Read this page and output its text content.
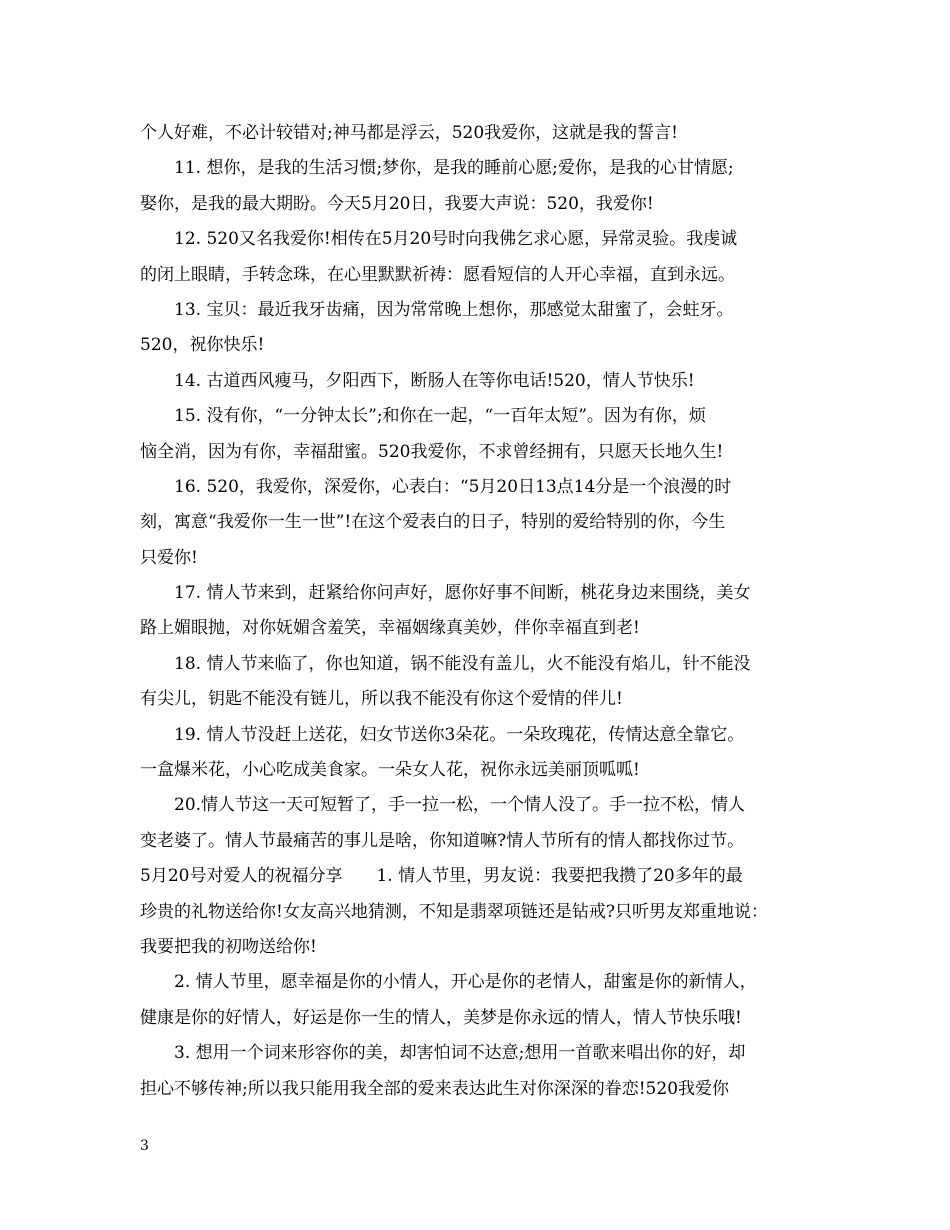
个人好难，不必计较错对;神马都是浮云，520我爱你，这就是我的誓言!
11. 想你，是我的生活习惯;梦你，是我的睡前心愿;爱你，是我的心甘情愿;
娶你，是我的最大期盼。今天5月20日，我要大声说：520，我爱你!
12. 520又名我爱你!相传在5月20号时向我佛乞求心愿，异常灵验。我虔诚
的闭上眼睛，手转念珠，在心里默默祈祷：愿看短信的人开心幸福，直到永远。
13. 宝贝：最近我牙齿痛，因为常常晚上想你，那感觉太甜蜜了，会蛀牙。
520，祝你快乐!
14. 古道西风瘦马，夕阳西下，断肠人在等你电话!520，情人节快乐!
15. 没有你，“一分钟太长”;和你在一起，“一百年太短”。因为有你，烦
恼全消，因为有你，幸福甜蜜。520我爱你，不求曾经拥有，只愿天长地久生!
16. 520，我爱你，深爱你，心表白：“5月20日13点14分是一个浪漫的时
刻，寓意“我爱你一生一世”!在这个爱表白的日子，特别的爱给特别的你，今生
只爱你!
17. 情人节来到，赶紧给你问声好，愿你好事不间断，桃花身边来围绕，美女
路上媚眼抛，对你妩媚含羞笑，幸福姻缘真美妙，伴你幸福直到老!
18. 情人节来临了，你也知道，锅不能没有盖儿，火不能没有焰儿，针不能没
有尖儿，钥匙不能没有链儿，所以我不能没有你这个爱情的伴儿!
19. 情人节没赶上送花，妇女节送你3朵花。一朵玫瑰花，传情达意全靠它。
一盒爆米花，小心吃成美食家。一朵女人花，祝你永远美丽顶呱呱!
20.情人节这一天可短暂了，手一拉一松，一个情人没了。手一拉不松，情人
变老婆了。情人节最痛苦的事儿是啥，你知道嘛?情人节所有的情人都找你过节。
5月20号对爱人的祝福分享 1. 情人节里，男友说：我要把我攒了20多年的最
珍贵的礼物送给你!女友高兴地猜测，不知是翡翠项链还是钻戒?只听男友郑重地说：
我要把我的初吻送给你!
2. 情人节里，愿幸福是你的小情人，开心是你的老情人，甜蜜是你的新情人，
健康是你的好情人，好运是你一生的情人，美梦是你永远的情人，情人节快乐哦!
3. 想用一个词来形容你的美，却害怕词不达意;想用一首歌来唱出你的好，却
担心不够传神;所以我只能用我全部的爱来表达此生对你深深的眷恋!520我爱你
3
